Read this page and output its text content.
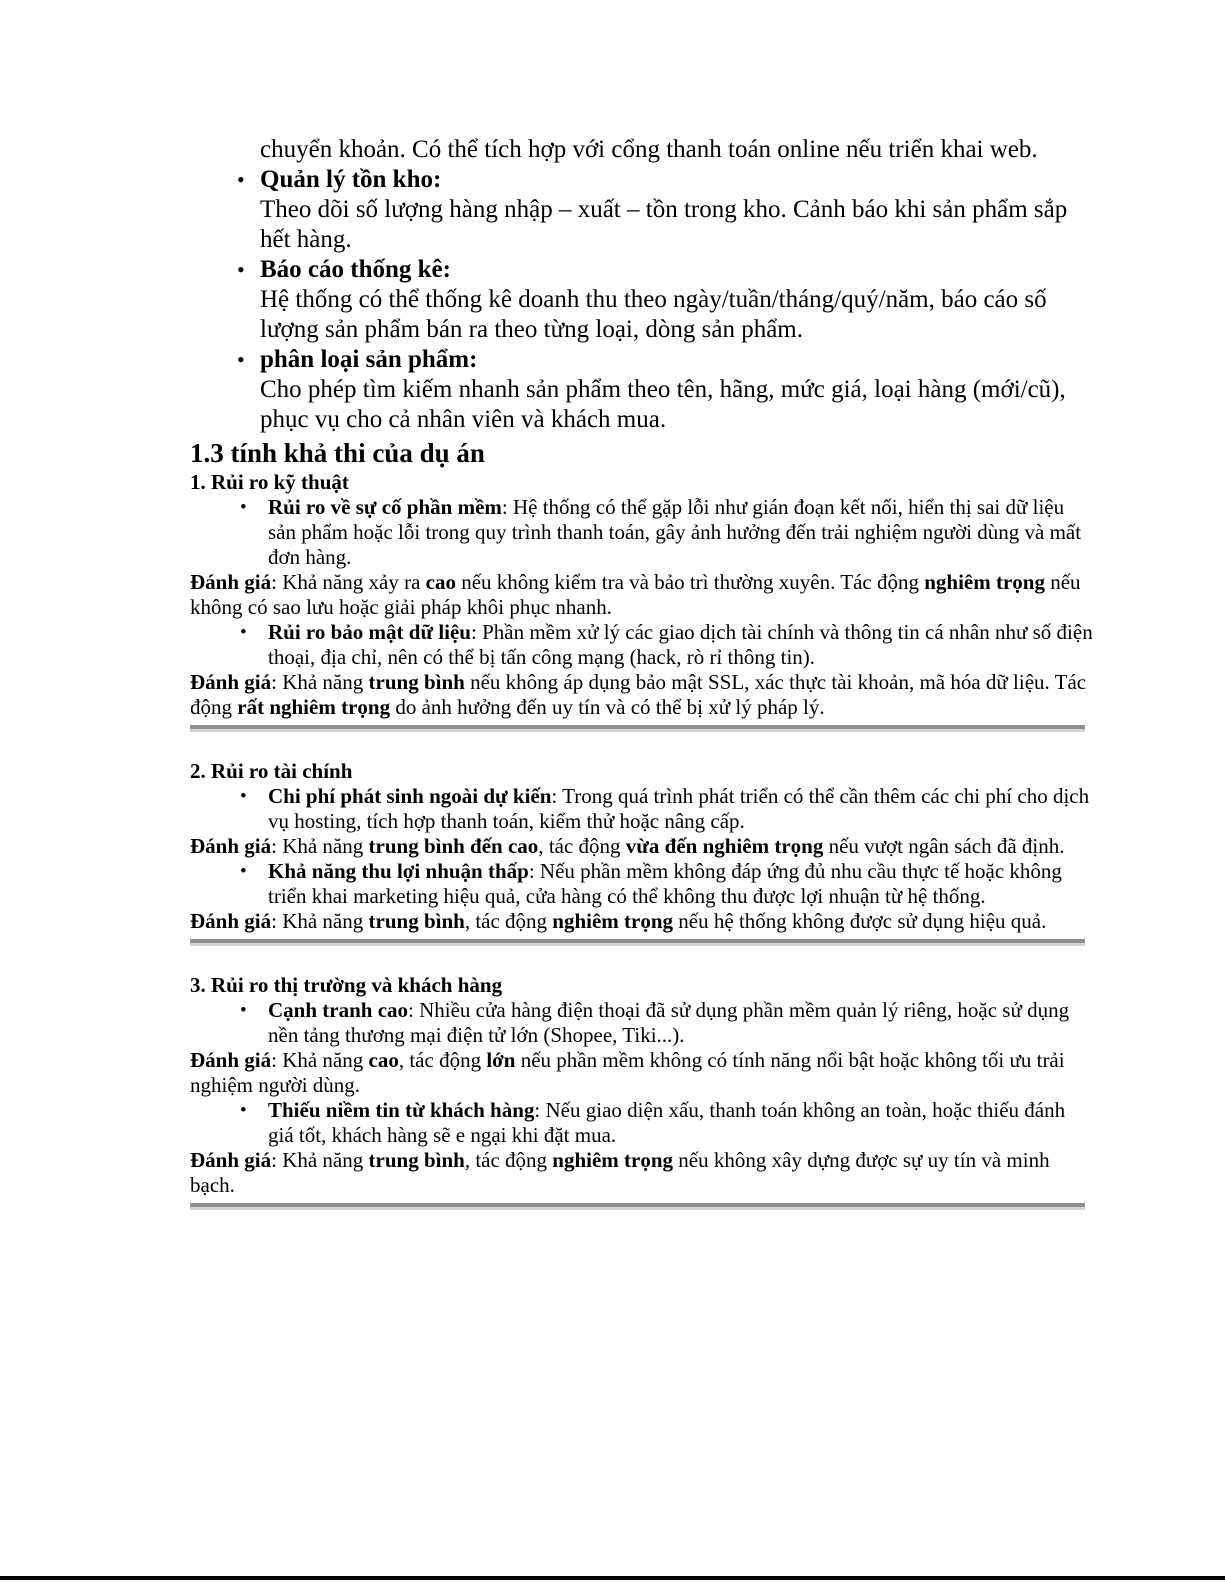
chuyển khoản. Có thể tích hợp với cổng thanh toán online nếu triển khai web.
• Quản lý tồn kho:
Theo dõi số lượng hàng nhập – xuất – tồn trong kho. Cảnh báo khi sản phẩm sắp hết hàng.
• Báo cáo thống kê:
Hệ thống có thể thống kê doanh thu theo ngày/tuần/tháng/quý/năm, báo cáo số lượng sản phẩm bán ra theo từng loại, dòng sản phẩm.
• phân loại sản phẩm:
Cho phép tìm kiếm nhanh sản phẩm theo tên, hãng, mức giá, loại hàng (mới/cũ), phục vụ cho cả nhân viên và khách mua.
1.3 tính khả thi của dụ án
1. Rủi ro kỹ thuật
• Rủi ro về sự cố phần mềm: Hệ thống có thể gặp lỗi như gián đoạn kết nối, hiển thị sai dữ liệu sản phẩm hoặc lỗi trong quy trình thanh toán, gây ảnh hưởng đến trải nghiệm người dùng và mất đơn hàng.
Đánh giá: Khả năng xảy ra cao nếu không kiểm tra và bảo trì thường xuyên. Tác động nghiêm trọng nếu không có sao lưu hoặc giải pháp khôi phục nhanh.
• Rủi ro bảo mật dữ liệu: Phần mềm xử lý các giao dịch tài chính và thông tin cá nhân như số điện thoại, địa chỉ, nên có thể bị tấn công mạng (hack, rò rỉ thông tin).
Đánh giá: Khả năng trung bình nếu không áp dụng bảo mật SSL, xác thực tài khoản, mã hóa dữ liệu. Tác động rất nghiêm trọng do ảnh hưởng đến uy tín và có thể bị xử lý pháp lý.
2. Rủi ro tài chính
• Chi phí phát sinh ngoài dự kiến: Trong quá trình phát triển có thể cần thêm các chi phí cho dịch vụ hosting, tích hợp thanh toán, kiểm thử hoặc nâng cấp.
Đánh giá: Khả năng trung bình đến cao, tác động vừa đến nghiêm trọng nếu vượt ngân sách đã định.
• Khả năng thu lợi nhuận thấp: Nếu phần mềm không đáp ứng đủ nhu cầu thực tế hoặc không triển khai marketing hiệu quả, cửa hàng có thể không thu được lợi nhuận từ hệ thống.
Đánh giá: Khả năng trung bình, tác động nghiêm trọng nếu hệ thống không được sử dụng hiệu quả.
3. Rủi ro thị trường và khách hàng
• Cạnh tranh cao: Nhiều cửa hàng điện thoại đã sử dụng phần mềm quản lý riêng, hoặc sử dụng nền tảng thương mại điện tử lớn (Shopee, Tiki...).
Đánh giá: Khả năng cao, tác động lớn nếu phần mềm không có tính năng nổi bật hoặc không tối ưu trải nghiệm người dùng.
• Thiếu niềm tin từ khách hàng: Nếu giao diện xấu, thanh toán không an toàn, hoặc thiếu đánh giá tốt, khách hàng sẽ e ngại khi đặt mua.
Đánh giá: Khả năng trung bình, tác động nghiêm trọng nếu không xây dựng được sự uy tín và minh bạch.
